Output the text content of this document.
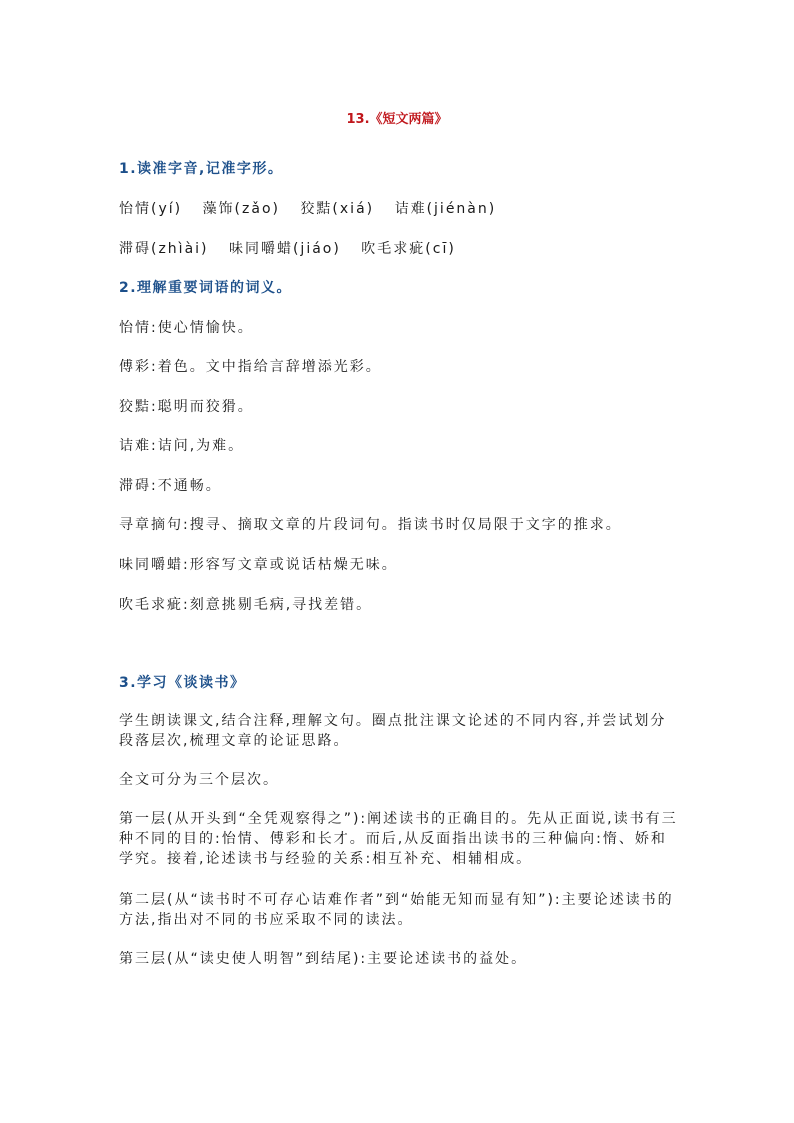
13.《短文两篇》
1.读准字音,记准字形。
怡情(yí) 藻饰(zǎo) 狡黠(xiá) 诘难(jiénàn)
滞碍(zhìài) 味同嚼蜡(jiáo) 吹毛求疵(cī)
2.理解重要词语的词义。
怡情:使心情愉快。
傅彩:着色。文中指给言辞增添光彩。
狡黠:聪明而狡猾。
诘难:诘问,为难。
滞碍:不通畅。
寻章摘句:搜寻、摘取文章的片段词句。指读书时仅局限于文字的推求。
味同嚼蜡:形容写文章或说话枯燥无味。
吹毛求疵:刻意挑剔毛病,寻找差错。
3.学习《谈读书》
学生朗读课文,结合注释,理解文句。圈点批注课文论述的不同内容,并尝试划分段落层次,梳理文章的论证思路。
全文可分为三个层次。
第一层(从开头到“全凭观察得之”):阐述读书的正确目的。先从正面说,读书有三种不同的目的:怡情、傅彩和长才。而后,从反面指出读书的三种偏向:惰、娇和学究。接着,论述读书与经验的关系:相互补充、相辅相成。
第二层(从“读书时不可存心诘难作者”到“始能无知而显有知”):主要论述读书的方法,指出对不同的书应采取不同的读法。
第三层(从“读史使人明智”到结尾):主要论述读书的益处。
